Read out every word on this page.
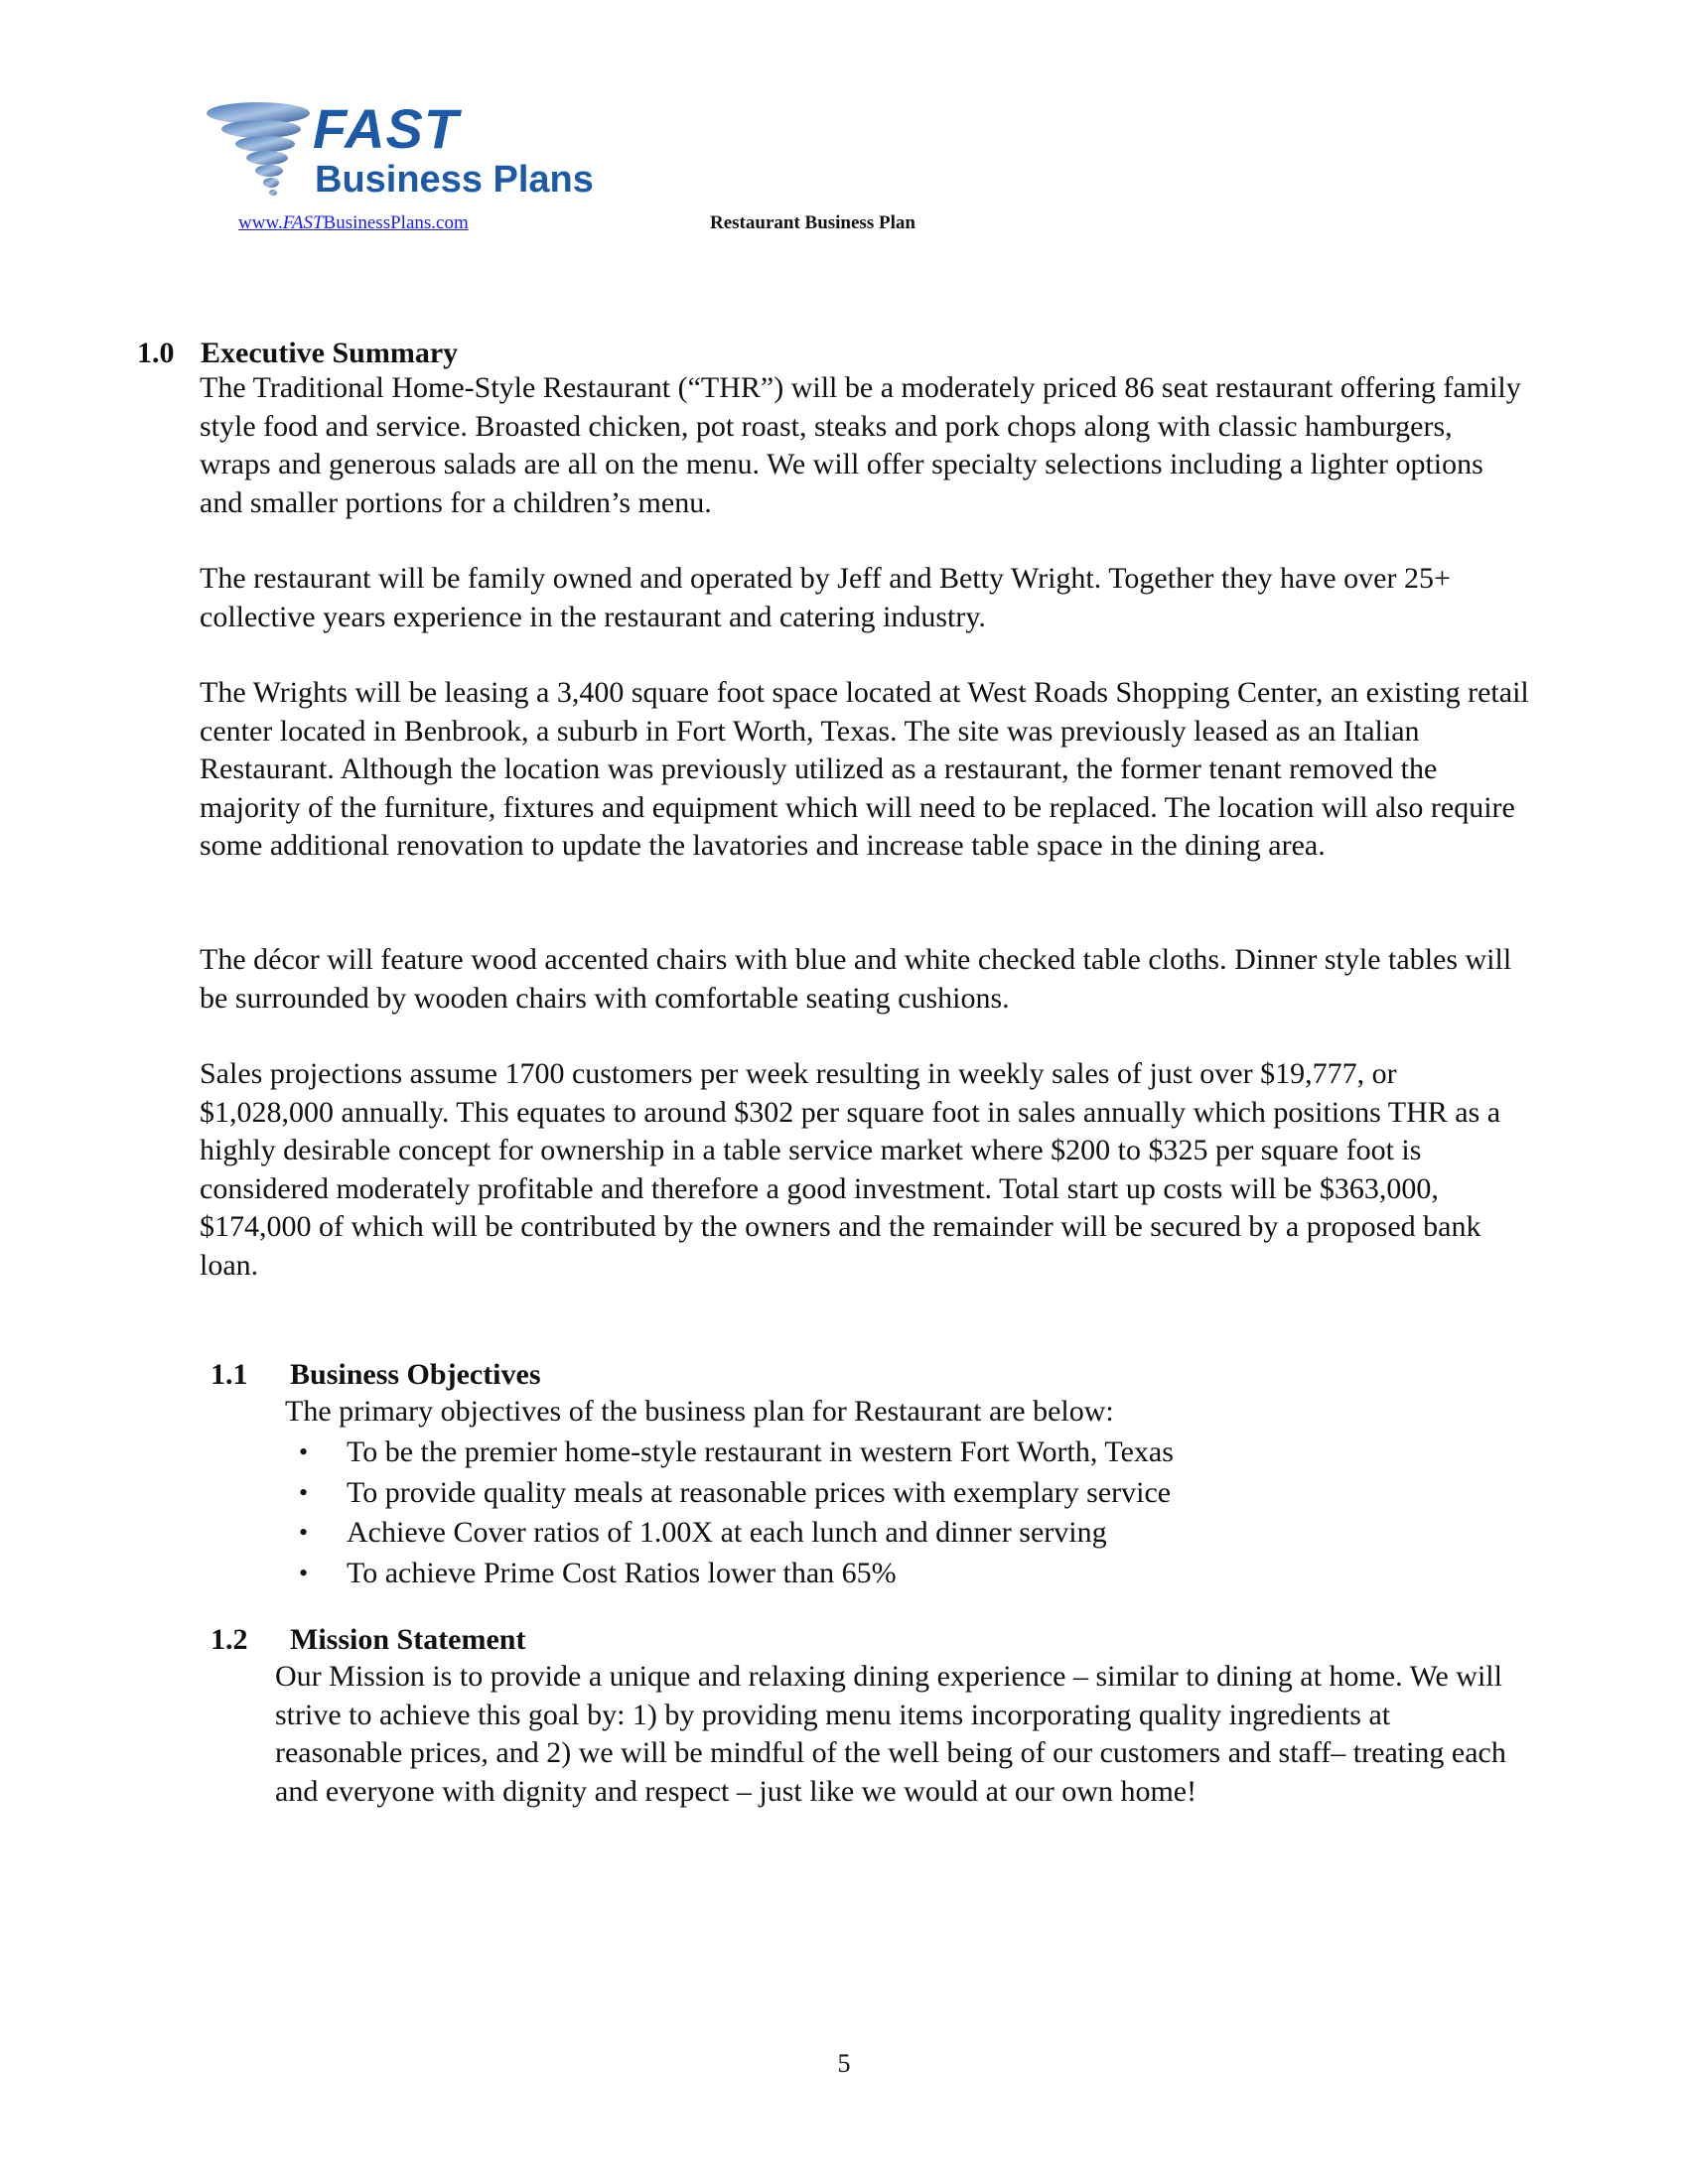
FAST
Business Plans
www.FASTBusinessPlans.com	Restaurant Business Plan
1.0 Executive Summary
The Traditional Home-Style Restaurant (“THR”) will be a moderately priced 86 seat restaurant offering family style food and service. Broasted chicken, pot roast, steaks and pork chops along with classic hamburgers, wraps and generous salads are all on the menu. We will offer specialty selections including a lighter options and smaller portions for a children’s menu.
The restaurant will be family owned and operated by Jeff and Betty Wright. Together they have over 25+ collective years experience in the restaurant and catering industry.
The Wrights will be leasing a 3,400 square foot space located at West Roads Shopping Center, an existing retail center located in Benbrook, a suburb in Fort Worth, Texas. The site was previously leased as an Italian Restaurant. Although the location was previously utilized as a restaurant, the former tenant removed the majority of the furniture, fixtures and equipment which will need to be replaced. The location will also require some additional renovation to update the lavatories and increase table space in the dining area.
The décor will feature wood accented chairs with blue and white checked table cloths. Dinner style tables will be surrounded by wooden chairs with comfortable seating cushions.
Sales projections assume 1700 customers per week resulting in weekly sales of just over $19,777, or $1,028,000 annually. This equates to around $302 per square foot in sales annually which positions THR as a highly desirable concept for ownership in a table service market where $200 to $325 per square foot is considered moderately profitable and therefore a good investment. Total start up costs will be $363,000, $174,000 of which will be contributed by the owners and the remainder will be secured by a proposed bank loan.
1.1 Business Objectives
The primary objectives of the business plan for Restaurant are below:
• To be the premier home-style restaurant in western Fort Worth, Texas
• To provide quality meals at reasonable prices with exemplary service
• Achieve Cover ratios of 1.00X at each lunch and dinner serving
• To achieve Prime Cost Ratios lower than 65%
1.2 Mission Statement
Our Mission is to provide a unique and relaxing dining experience – similar to dining at home. We will strive to achieve this goal by: 1) by providing menu items incorporating quality ingredients at reasonable prices, and 2) we will be mindful of the well being of our customers and staff– treating each and everyone with dignity and respect – just like we would at our own home!
5
